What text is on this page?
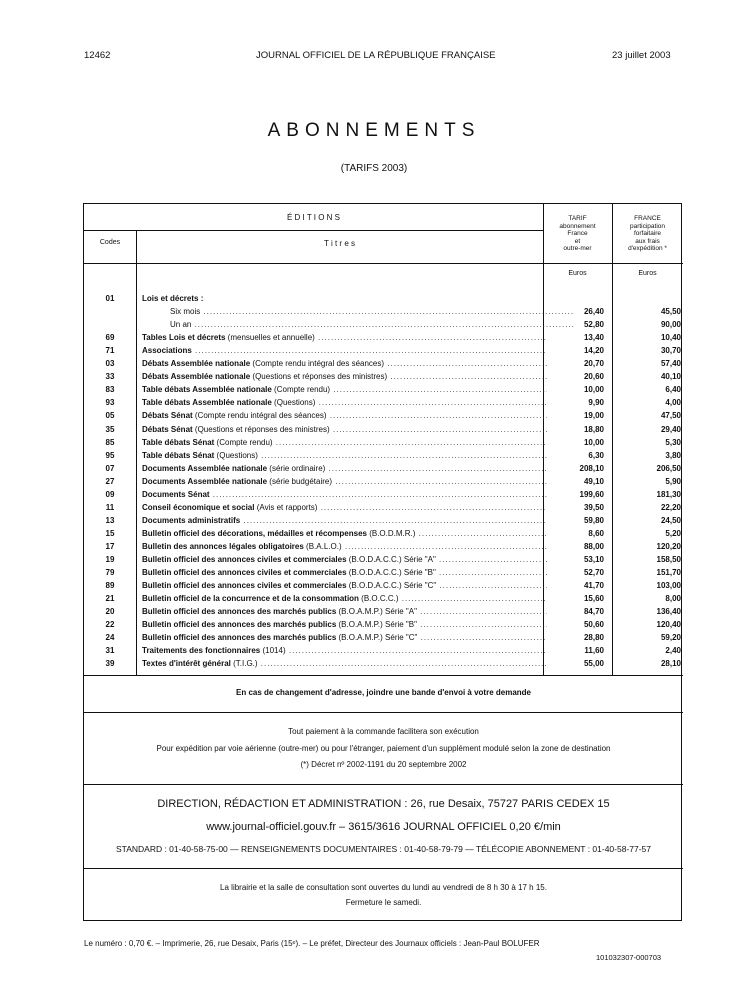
12462	JOURNAL OFFICIEL DE LA RÉPUBLIQUE FRANÇAISE	23 juillet 2003
ABONNEMENTS
(TARIFS 2003)
É D I T I O N S
Codes	T i t r e s
TARIF
abonnement
France
et
outre-mer
FRANCE
participation
forfaitaire
aux frais
d'expédition *
Euros	Euros
01	Lois et décrets :
Six mois .....	26,40	45,50
Un an .....	52,80	90,00
69	Tables Lois et décrets (mensuelles et annuelle) .....	13,40	10,40
71	Associations .....	14,20	30,70
03	Débats Assemblée nationale (Compte rendu intégral des séances) .....	20,70	57,40
33	Débats Assemblée nationale (Questions et réponses des ministres) .....	20,60	40,10
83	Table débats Assemblée nationale (Compte rendu) .....	10,00	6,40
93	Table débats Assemblée nationale (Questions) .....	9,90	4,00
05	Débats Sénat (Compte rendu intégral des séances) .....	19,00	47,50
35	Débats Sénat (Questions et réponses des ministres) .....	18,80	29,40
85	Table débats Sénat (Compte rendu) .....	10,00	5,30
95	Table débats Sénat (Questions) .....	6,30	3,80
07	Documents Assemblée nationale (série ordinaire) .....	208,10	206,50
27	Documents Assemblée nationale (série budgétaire) .....	49,10	5,90
09	Documents Sénat .....	199,60	181,30
11	Conseil économique et social (Avis et rapports) .....	39,50	22,20
13	Documents administratifs .....	59,80	24,50
15	Bulletin officiel des décorations, médailles et récompenses (B.O.D.M.R.) .....	8,60	5,20
17	Bulletin des annonces légales obligatoires (B.A.L.O.) .....	88,00	120,20
19	Bulletin officiel des annonces civiles et commerciales (B.O.D.A.C.C.) Série "A" .....	53,10	158,50
79	Bulletin officiel des annonces civiles et commerciales (B.O.D.A.C.C.) Série "B" .....	52,70	151,70
89	Bulletin officiel des annonces civiles et commerciales (B.O.D.A.C.C.) Série "C" .....	41,70	103,00
21	Bulletin officiel de la concurrence et de la consommation (B.O.C.C.) .....	15,60	8,00
20	Bulletin officiel des annonces des marchés publics (B.O.A.M.P.) Série "A" .....	84,70	136,40
22	Bulletin officiel des annonces des marchés publics (B.O.A.M.P.) Série "B" .....	50,60	120,40
24	Bulletin officiel des annonces des marchés publics (B.O.A.M.P.) Série "C" .....	28,80	59,20
31	Traitements des fonctionnaires (1014) .....	11,60	2,40
39	Textes d'intérêt général (T.I.G.) .....	55,00	28,10
En cas de changement d'adresse, joindre une bande d'envoi à votre demande
Tout paiement à la commande facilitera son exécution
Pour expédition par voie aérienne (outre-mer) ou pour l'étranger, paiement d'un supplément modulé selon la zone de destination
(*) Décret nº 2002-1191 du 20 septembre 2002
DIRECTION, RÉDACTION ET ADMINISTRATION : 26, rue Desaix, 75727 PARIS CEDEX 15
www.journal-officiel.gouv.fr – 3615/3616 JOURNAL OFFICIEL 0,20 €/min
STANDARD : 01-40-58-75-00 — RENSEIGNEMENTS DOCUMENTAIRES : 01-40-58-79-79 — TÉLÉCOPIE ABONNEMENT : 01-40-58-77-57
La librairie et la salle de consultation sont ouvertes du lundi au vendredi de 8 h 30 à 17 h 15.
Fermeture le samedi.
Le numéro : 0,70 €. – Imprimerie, 26, rue Desaix, Paris (15ᵉ). – Le préfet, Directeur des Journaux officiels : Jean-Paul BOLUFER
101032307-000703
